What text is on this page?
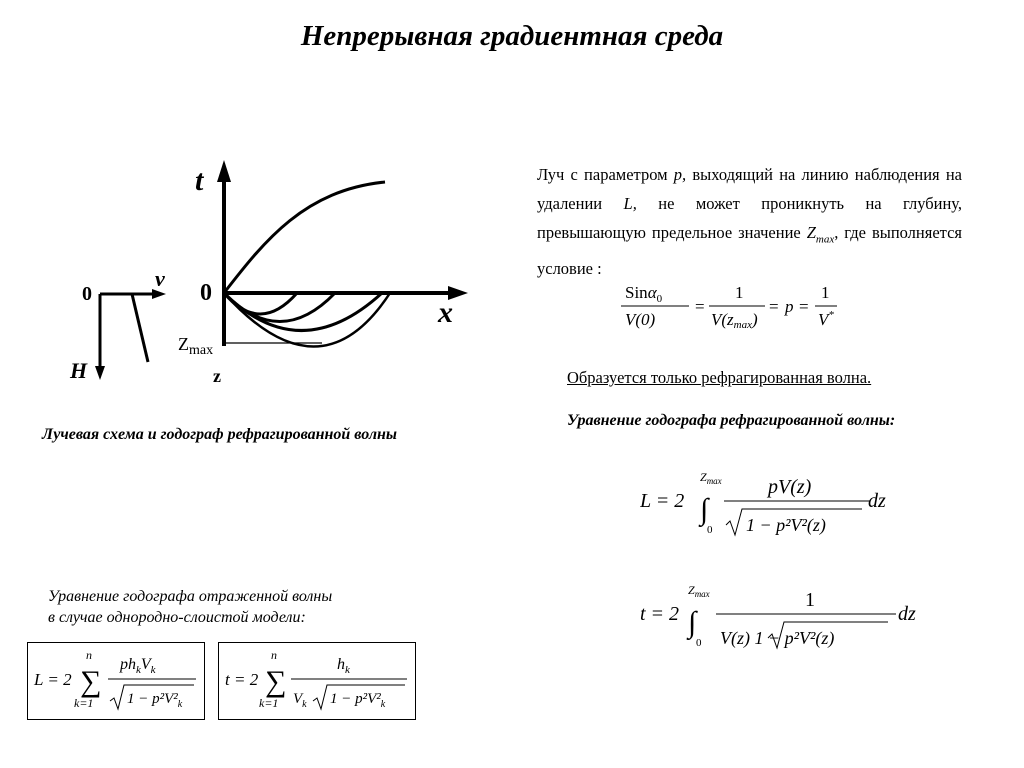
Непрерывная градиентная среда
t
x
0
$Z_{max}$
z
0
v
H
Луч с параметром p, выходящий на линию наблюдения на удалении L, не может проникнуть на глубину, превышающую предельное значение $Z_{max}$, где выполняется условие :
Sinα$_0$
V(0)
=
1
V(zmax)
= p =
1
V*
Образуется только рефрагированная волна.
Уравнение годографа рефрагированной волны:
Лучевая схема и годограф рефрагированной волны
L = 2
$Z_{max}$
∫
0
pV(z)
1 − p²V²(z)
dz
t = 2
$Z_{max}$
∫
0
1
V(z) 1 − p²V²(z)
dz
Уравнение годографа отраженной волны
в случае однородно-слоистой модели:
L = 2
n
∑
k=1
$ph_kV_k$
$1 - p^2V^2_k$
t = 2
n
∑
k=1
$h_k$
$V_k$ $1 - p^2V^2_k$
